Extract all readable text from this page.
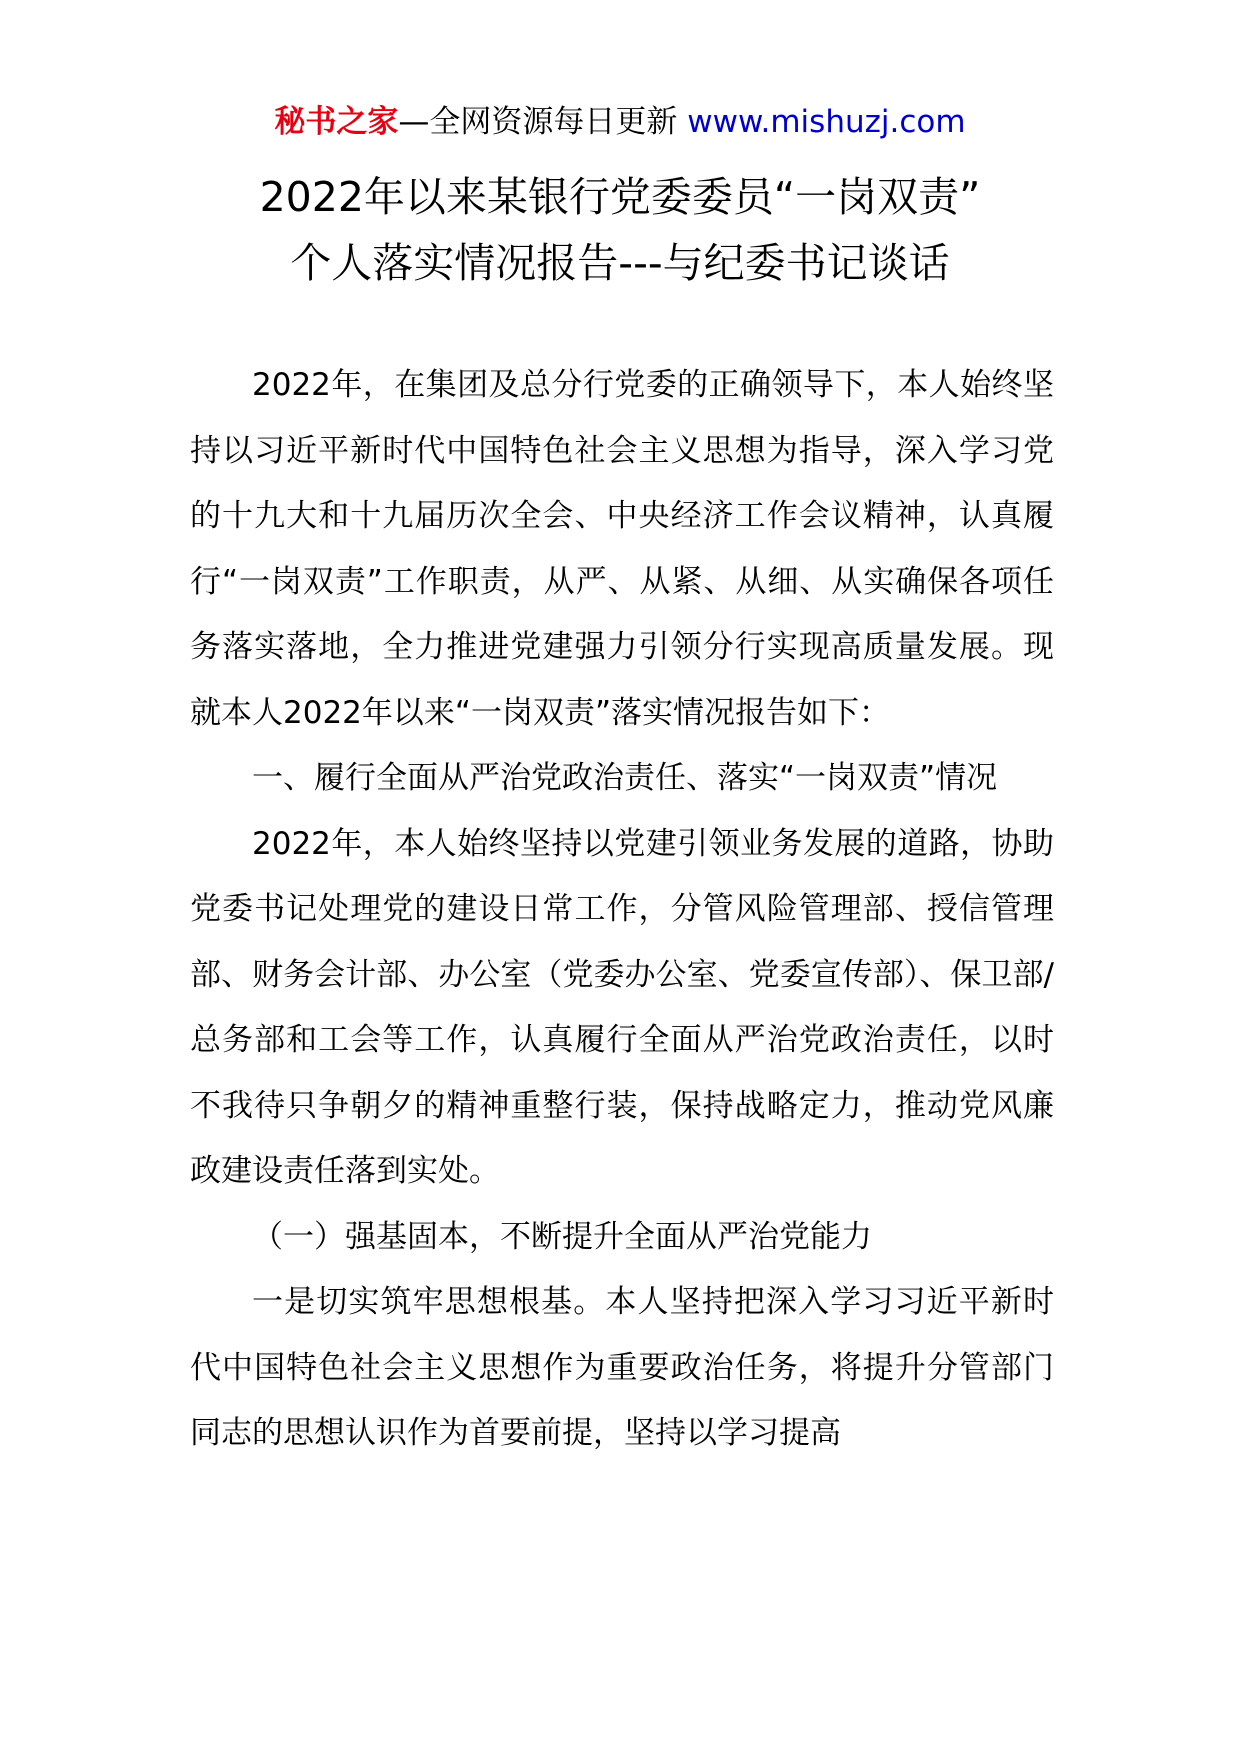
秘书之家—全网资源每日更新 www.mishuzj.com
2022年以来某银行党委委员“一岗双责”
个人落实情况报告---与纪委书记谈话

2022年，在集团及总分行党委的正确领导下，本人始终坚持以习近平新时代中国特色社会主义思想为指导，深入学习党的十九大和十九届历次全会、中央经济工作会议精神，认真履行“一岗双责”工作职责，从严、从紧、从细、从实确保各项任务落实落地，全力推进党建强力引领分行实现高质量发展。现就本人2022年以来“一岗双责”落实情况报告如下：

一、履行全面从严治党政治责任、落实“一岗双责”情况

2022年，本人始终坚持以党建引领业务发展的道路，协助党委书记处理党的建设日常工作，分管风险管理部、授信管理部、财务会计部、办公室（党委办公室、党委宣传部）、保卫部/总务部和工会等工作，认真履行全面从严治党政治责任，以时不我待只争朝夕的精神重整行装，保持战略定力，推动党风廉政建设责任落到实处。

（一）强基固本，不断提升全面从严治党能力

一是切实筑牢思想根基。本人坚持把深入学习习近平新时代中国特色社会主义思想作为重要政治任务，将提升分管部门同志的思想认识作为首要前提，坚持以学习提高
